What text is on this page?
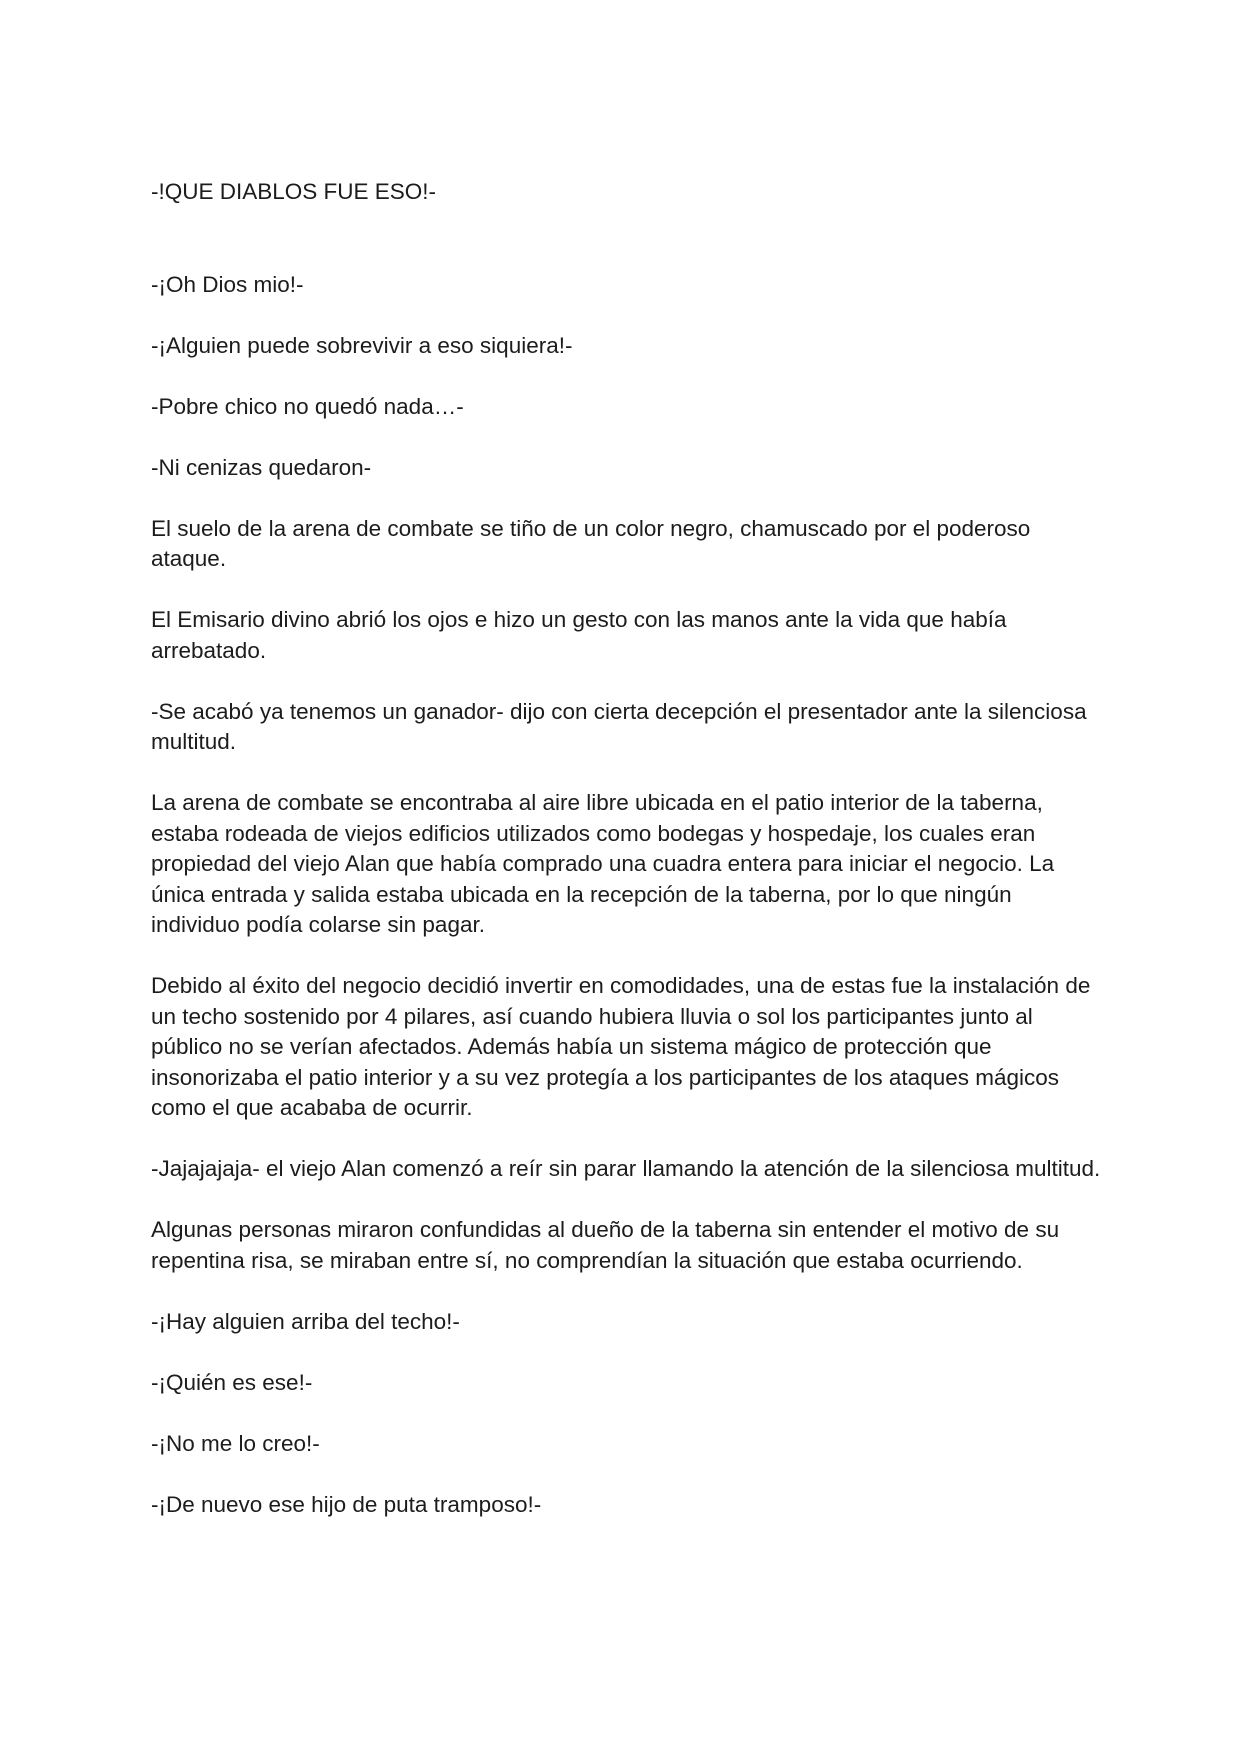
-!QUE DIABLOS FUE ESO!-

-¡Oh Dios mio!-

-¡Alguien puede sobrevivir a eso siquiera!-

-Pobre chico no quedó nada…-

-Ni cenizas quedaron-

El suelo de la arena de combate se tiño de un color negro, chamuscado por el poderoso ataque.

El Emisario divino abrió los ojos e hizo un gesto con las manos ante la vida que había arrebatado.

-Se acabó ya tenemos un ganador- dijo con cierta decepción el presentador ante la silenciosa multitud.

La arena de combate se encontraba al aire libre ubicada en el patio interior de la taberna, estaba rodeada de viejos edificios utilizados como bodegas y hospedaje, los cuales eran propiedad del viejo Alan que había comprado una cuadra entera para iniciar el negocio. La única entrada y salida estaba ubicada en la recepción de la taberna, por lo que ningún individuo podía colarse sin pagar.

Debido al éxito del negocio decidió invertir en comodidades, una de estas fue la instalación de un techo sostenido por 4 pilares, así cuando hubiera lluvia o sol los participantes junto al público no se verían afectados. Además había un sistema mágico de protección que insonorizaba el patio interior y a su vez protegía a los participantes de los ataques mágicos como el que acababa de ocurrir.

-Jajajajaja- el viejo Alan comenzó a reír sin parar llamando la atención de la silenciosa multitud.

Algunas personas miraron confundidas al dueño de la taberna sin entender el motivo de su repentina risa, se miraban entre sí, no comprendían la situación que estaba ocurriendo.

-¡Hay alguien arriba del techo!-

-¡Quién es ese!-

-¡No me lo creo!-

-¡De nuevo ese hijo de puta tramposo!-
